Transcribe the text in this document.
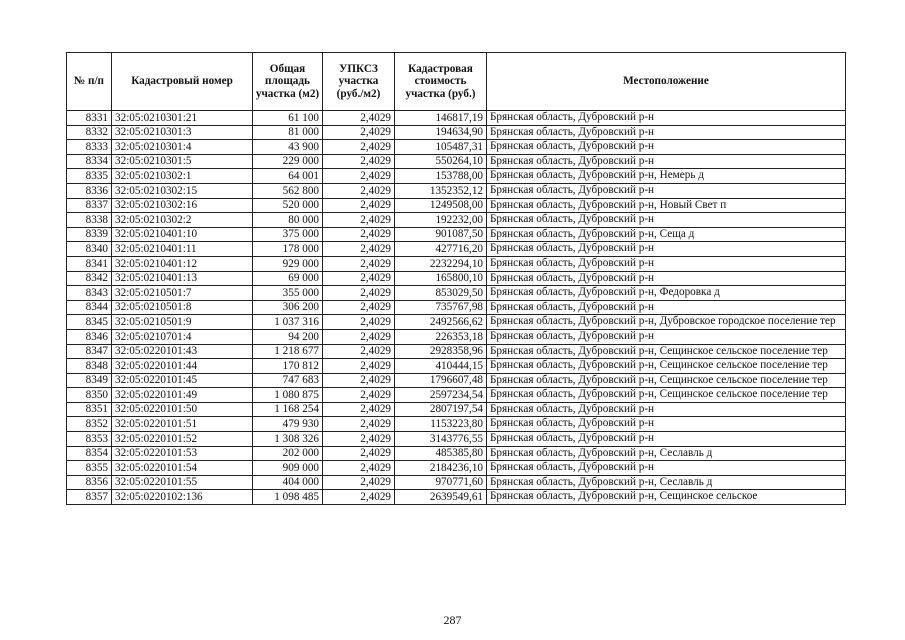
№ п/п	Кадастровый номер	Общая площадь участка (м2)	УПКСЗ участка (руб./м2)	Кадастровая стоимость участка (руб.)	Местоположение
8331	32:05:0210301:21	61 100	2,4029	146817,19	Брянская область, Дубровский р-н
8332	32:05:0210301:3	81 000	2,4029	194634,90	Брянская область, Дубровский р-н
8333	32:05:0210301:4	43 900	2,4029	105487,31	Брянская область, Дубровский р-н
8334	32:05:0210301:5	229 000	2,4029	550264,10	Брянская область, Дубровский р-н
8335	32:05:0210302:1	64 001	2,4029	153788,00	Брянская область, Дубровский р-н, Немерь д
8336	32:05:0210302:15	562 800	2,4029	1352352,12	Брянская область, Дубровский р-н
8337	32:05:0210302:16	520 000	2,4029	1249508,00	Брянская область, Дубровский р-н, Новый Свет п
8338	32:05:0210302:2	80 000	2,4029	192232,00	Брянская область, Дубровский р-н
8339	32:05:0210401:10	375 000	2,4029	901087,50	Брянская область, Дубровский р-н, Сеща д
8340	32:05:0210401:11	178 000	2,4029	427716,20	Брянская область, Дубровский р-н
8341	32:05:0210401:12	929 000	2,4029	2232294,10	Брянская область, Дубровский р-н
8342	32:05:0210401:13	69 000	2,4029	165800,10	Брянская область, Дубровский р-н
8343	32:05:0210501:7	355 000	2,4029	853029,50	Брянская область, Дубровский р-н, Федоровка д
8344	32:05:0210501:8	306 200	2,4029	735767,98	Брянская область, Дубровский р-н
8345	32:05:0210501:9	1 037 316	2,4029	2492566,62	Брянская область, Дубровский р-н, Дубровское городское поселение тер
8346	32:05:0210701:4	94 200	2,4029	226353,18	Брянская область, Дубровский р-н
8347	32:05:0220101:43	1 218 677	2,4029	2928358,96	Брянская область, Дубровский р-н, Сещинское сельское поселение тер
8348	32:05:0220101:44	170 812	2,4029	410444,15	Брянская область, Дубровский р-н, Сещинское сельское поселение тер
8349	32:05:0220101:45	747 683	2,4029	1796607,48	Брянская область, Дубровский р-н, Сещинское сельское поселение тер
8350	32:05:0220101:49	1 080 875	2,4029	2597234,54	Брянская область, Дубровский р-н, Сещинское сельское поселение тер
8351	32:05:0220101:50	1 168 254	2,4029	2807197,54	Брянская область, Дубровский р-н
8352	32:05:0220101:51	479 930	2,4029	1153223,80	Брянская область, Дубровский р-н
8353	32:05:0220101:52	1 308 326	2,4029	3143776,55	Брянская область, Дубровский р-н
8354	32:05:0220101:53	202 000	2,4029	485385,80	Брянская область, Дубровский р-н, Сеславль д
8355	32:05:0220101:54	909 000	2,4029	2184236,10	Брянская область, Дубровский р-н
8356	32:05:0220101:55	404 000	2,4029	970771,60	Брянская область, Дубровский р-н, Сеславль д
8357	32:05:0220102:136	1 098 485	2,4029	2639549,61	Брянская область, Дубровский р-н, Сещинское сельское
287
